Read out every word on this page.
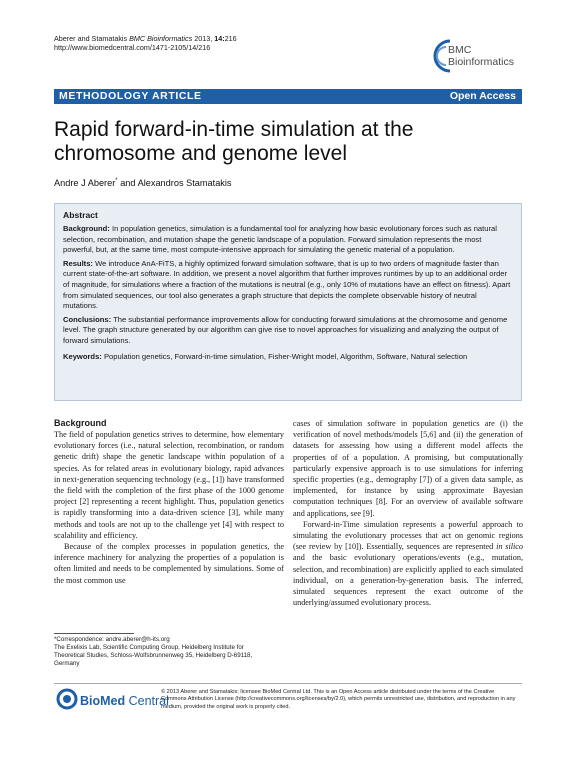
Aberer and Stamatakis BMC Bioinformatics 2013, 14:216
http://www.biomedcentral.com/1471-2105/14/216	BMC
Bioinformatics
METHODOLOGY ARTICLE	Open Access
Rapid forward-in-time simulation at the
chromosome and genome level
Andre J Aberer* and Alexandros Stamatakis
Abstract

Background: In population genetics, simulation is a fundamental tool for analyzing how basic evolutionary forces such as natural selection, recombination, and mutation shape the genetic landscape of a population. Forward simulation represents the most powerful, but, at the same time, most compute-intensive approach for simulating the genetic material of a population.

Results: We introduce AnA-FiTS, a highly optimized forward simulation software, that is up to two orders of magnitude faster than current state-of-the-art software. In addition, we present a novel algorithm that further improves runtimes by up to an additional order of magnitude, for simulations where a fraction of the mutations is neutral (e.g., only 10% of mutations have an effect on fitness). Apart from simulated sequences, our tool also generates a graph structure that depicts the complete observable history of neutral mutations.

Conclusions: The substantial performance improvements allow for conducting forward simulations at the chromosome and genome level. The graph structure generated by our algorithm can give rise to novel approaches for visualizing and analyzing the output of forward simulations.

Keywords: Population genetics, Forward-in-time simulation, Fisher-Wright model, Algorithm, Software, Natural selection

Background

The field of population genetics strives to determine, how elementary evolutionary forces (i.e., natural selection, recombination, or random genetic drift) shape the genetic landscape within population of a species. As for related areas in evolutionary biology, rapid advances in next-generation sequencing technology (e.g., [1]) have transformed the field with the completion of the first phase of the 1000 genome project [2] representing a recent highlight. Thus, population genetics is rapidly transforming into a data-driven science [3], while many methods and tools are not up to the challenge yet [4] with respect to scalability and efficiency.

Because of the complex processes in population genetics, the inference machinery for analyzing the properties of a population is often limited and needs to be complemented by simulations. Some of the most common use

cases of simulation software in population genetics are (i) the verification of novel methods/models [5,6] and (ii) the generation of datasets for assessing how using a different model affects the properties of of a population. A promising, but computationally particularly expensive approach is to use simulations for inferring specific properties (e.g., demography [7]) of a given data sample, as implemented, for instance by using approximate Bayesian computation techniques [8]. For an overview of available software and applications, see [9].

Forward-in-Time simulation represents a powerful approach to simulating the evolutionary processes that act on genomic regions (see review by [10]). Essentially, sequences are represented in silico and the basic evolutionary operations/events (e.g., mutation, selection, and recombination) are explicitly applied to each simulated individual, on a generation-by-generation basis. The inferred, simulated sequences represent the exact outcome of the underlying/assumed evolutionary process.

*Correspondence: andre.aberer@h-its.org
The Exelixis Lab, Scientific Computing Group, Heidelberg Institute for
Theoretical Studies, Schloss-Wolfsbrunnenweg 35, Heidelberg D-69118,
Germany
BioMed Central
© 2013 Aberer and Stamatakis; licensee BioMed Central Ltd. This is an Open Access article distributed under the terms of the Creative Commons Attribution License (http://creativecommons.org/licenses/by/2.0), which permits unrestricted use, distribution, and reproduction in any medium, provided the original work is properly cited.
